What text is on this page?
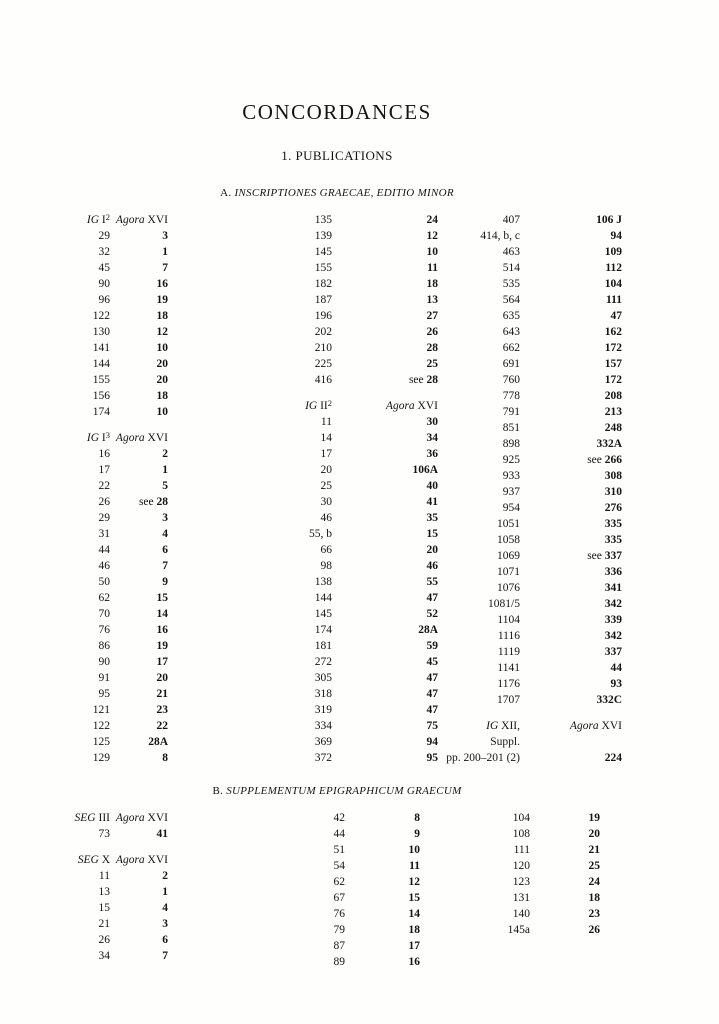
CONCORDANCES
1. PUBLICATIONS
A. INSCRIPTIONES GRAECAE, EDITIO MINOR
IG $I^2$ Agora XVI
29	3
32	1
45	7
90	16
96	19
122	18
130	12
141	10
144	20
155	20
156	18
174	10
IG $I^3$ Agora XVI
16	2
17	1
22	5
26	see 28
29	3
31	4
44	6
46	7
50	9
62	15
70	14
76	16
86	19
90	17
91	20
95	21
121	23
122	22
125	28A
129	8
135	24
139	12
145	10
155	11
182	18
187	13
196	27
202	26
210	28
225	25
416	see 28
IG $II^2$	Agora XVI
11	30
14	34
17	36
20	106A
25	40
30	41
46	35
55, b	15
66	20
98	46
138	55
144	47
145	52
174	28A
181	59
272	45
305	47
318	47
319	47
334	75
369	94
372	95
407	106 J
414, b, c	94
463	109
514	112
535	104
564	111
635	47
643	162
662	172
691	157
760	172
778	208
791	213
851	248
898	332A
925	see 266
933	308
937	310
954	276
1051	335
1058	335
1069	see 337
1071	336
1076	341
1081/5	342
1104	339
1116	342
1119	337
1141	44
1176	93
1707	332C
IG XII,	Agora XVI
Suppl.
pp. 200–201 (2)	224
B. SUPPLEMENTUM EPIGRAPHICUM GRAECUM
SEG III Agora XVI
73	41
SEG X Agora XVI
11	2
13	1
15	4
21	3
26	6
34	7
42	8
44	9
51	10
54	11
62	12
67	15
76	14
79	18
87	17
89	16
104	19
108	20
111	21
120	25
123	24
131	18
140	23
145a	26
